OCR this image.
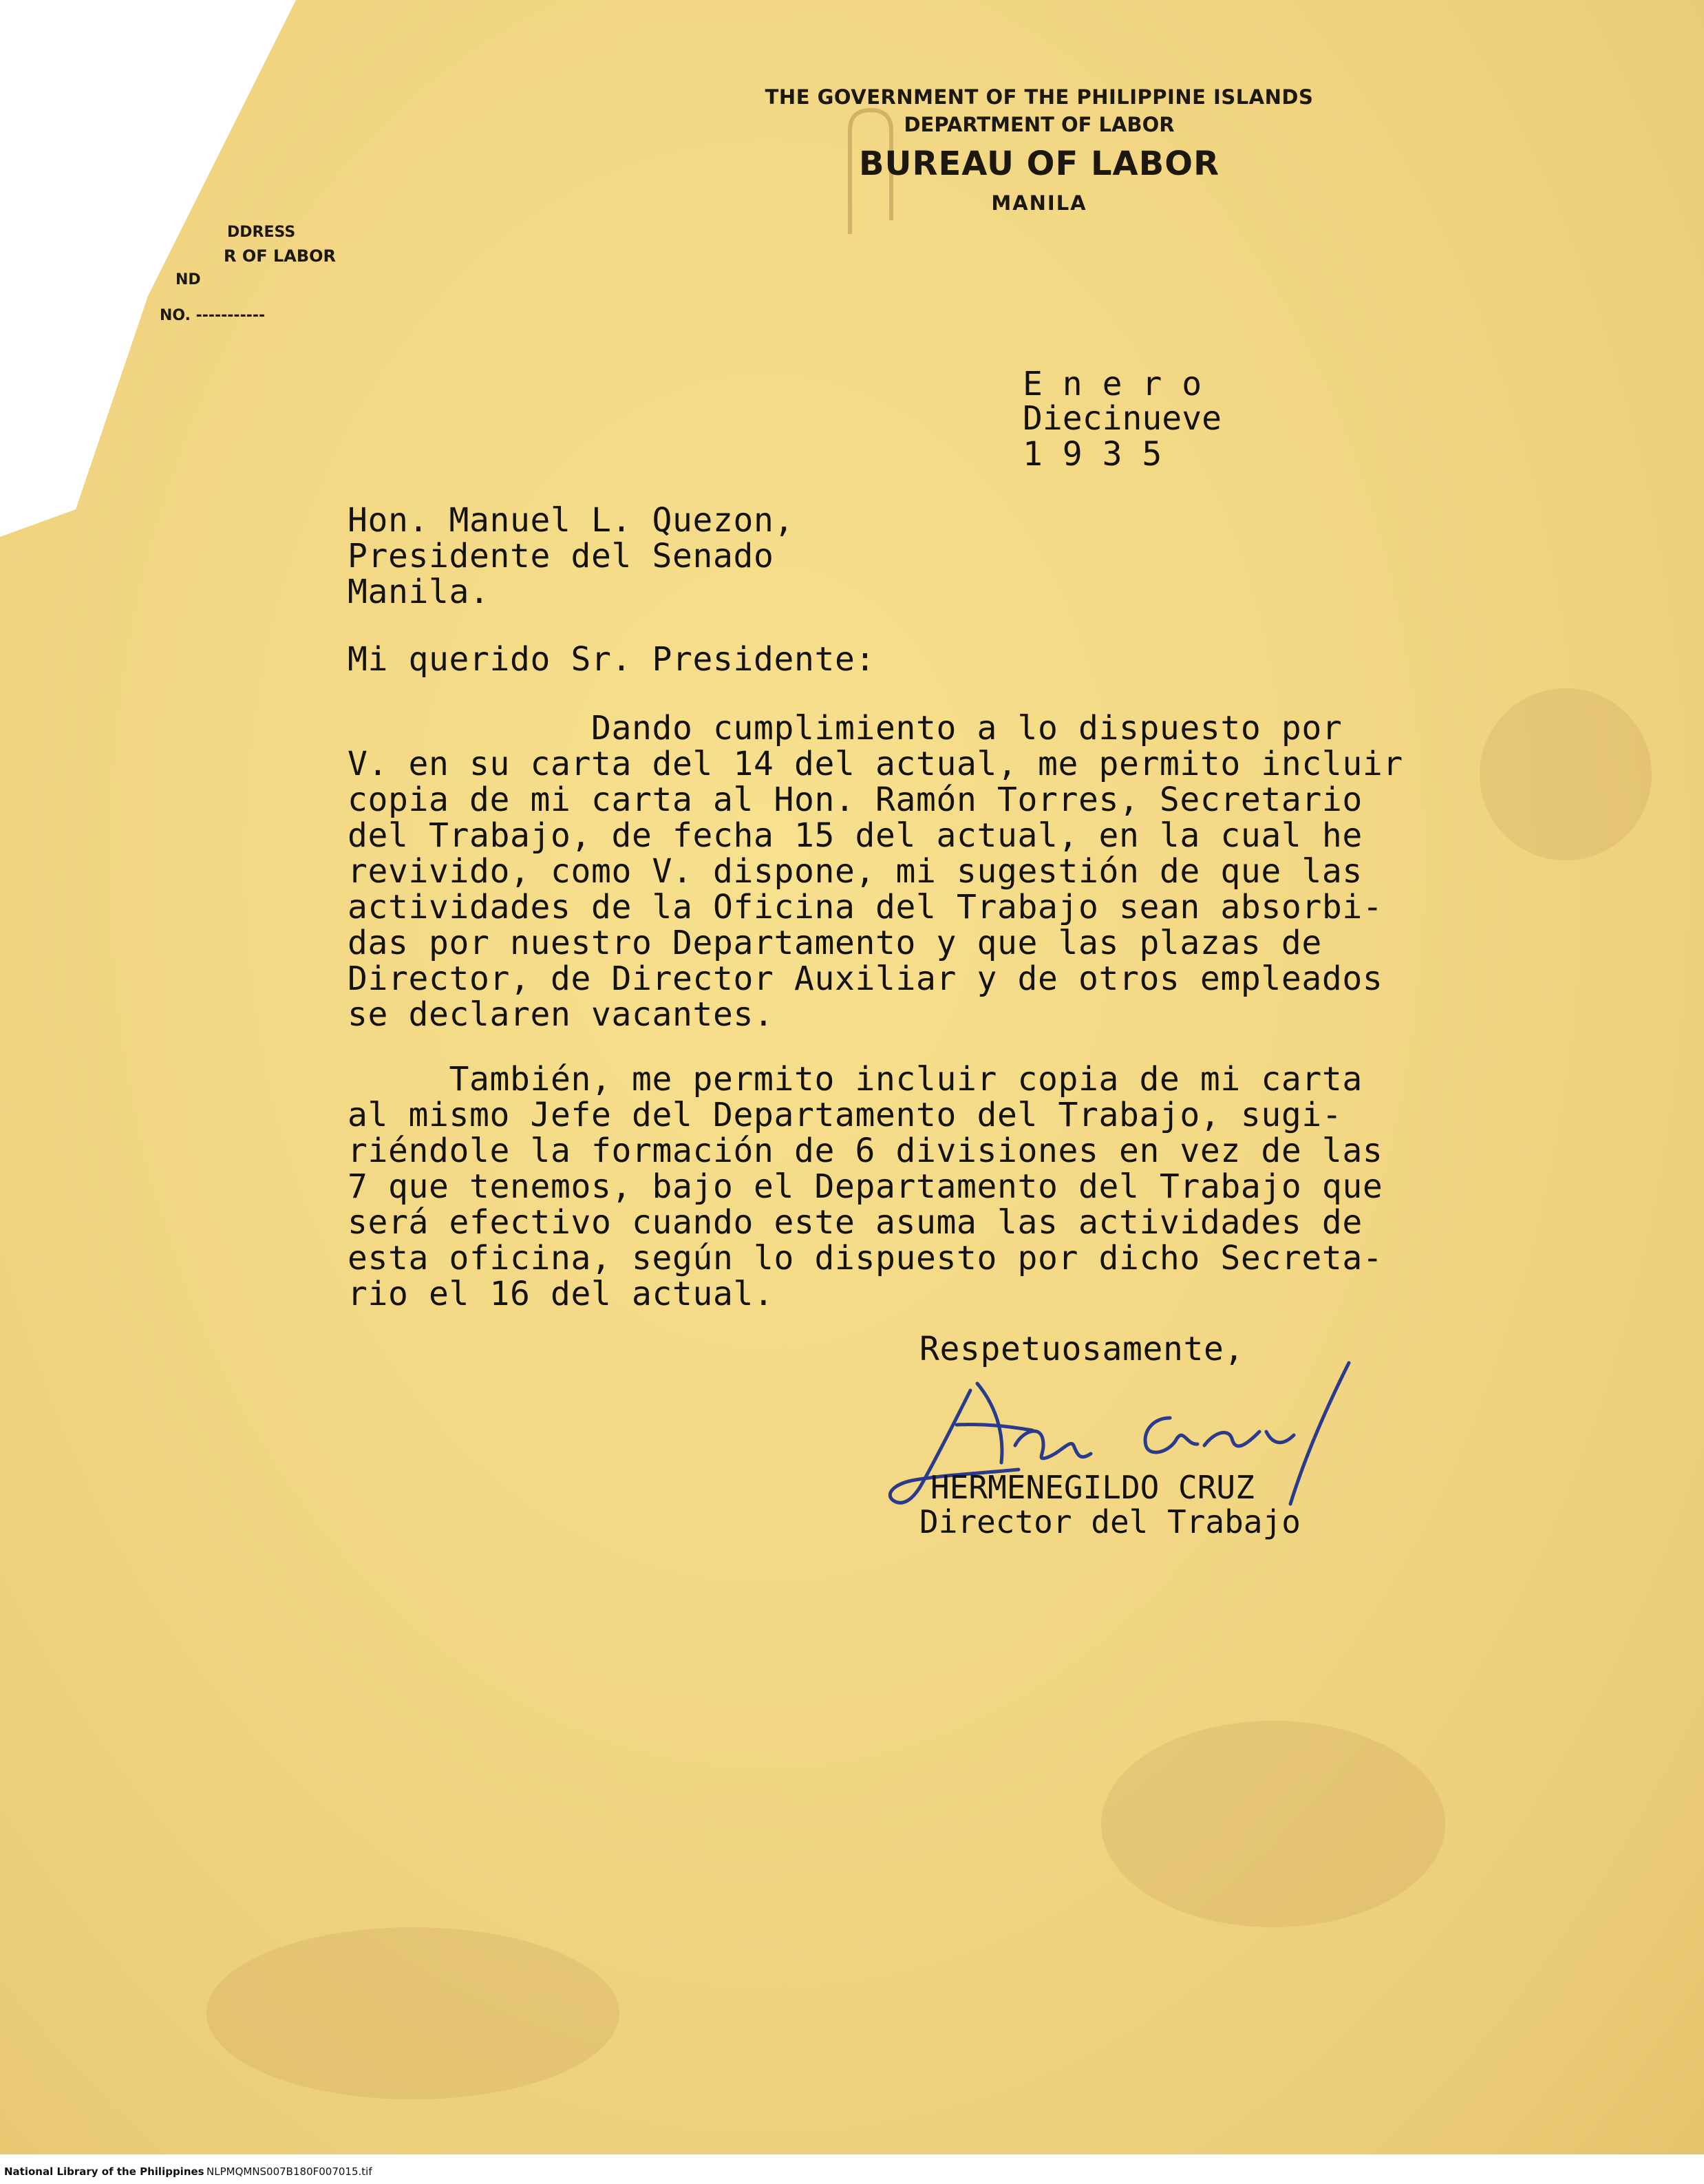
THE GOVERNMENT OF THE PHILIPPINE ISLANDS

DEPARTMENT OF LABOR

BUREAU OF LABOR

MANILA

DDRESS
R OF LABOR
ND
NO. -----------

E n e r o

Diecinueve

1 9 3 5

Hon. Manuel L. Quezon,

Presidente del Senado

Manila.

Mi querido Sr. Presidente:

Dando cumplimiento a lo dispuesto por

V. en su carta del 14 del actual, me permito incluir

copia de mi carta al Hon. Ramón Torres, Secretario

del Trabajo, de fecha 15 del actual, en la cual he

revivido, como V. dispone, mi sugestión de que las

actividades de la Oficina del Trabajo sean absorbi-

das por nuestro Departamento y que las plazas de

Director, de Director Auxiliar y de otros empleados

se declaren vacantes.

También, me permito incluir copia de mi carta

al mismo Jefe del Departamento del Trabajo, sugi-

riéndole la formación de 6 divisiones en vez de las

7 que tenemos, bajo el Departamento del Trabajo que

será efectivo cuando este asuma las actividades de

esta oficina, según lo dispuesto por dicho Secreta-

rio el 16 del actual.

Respetuosamente,

HERMENEGILDO CRUZ

Director del Trabajo

National Library of the Philippines NLPMQMNS007B180F007015.tif
